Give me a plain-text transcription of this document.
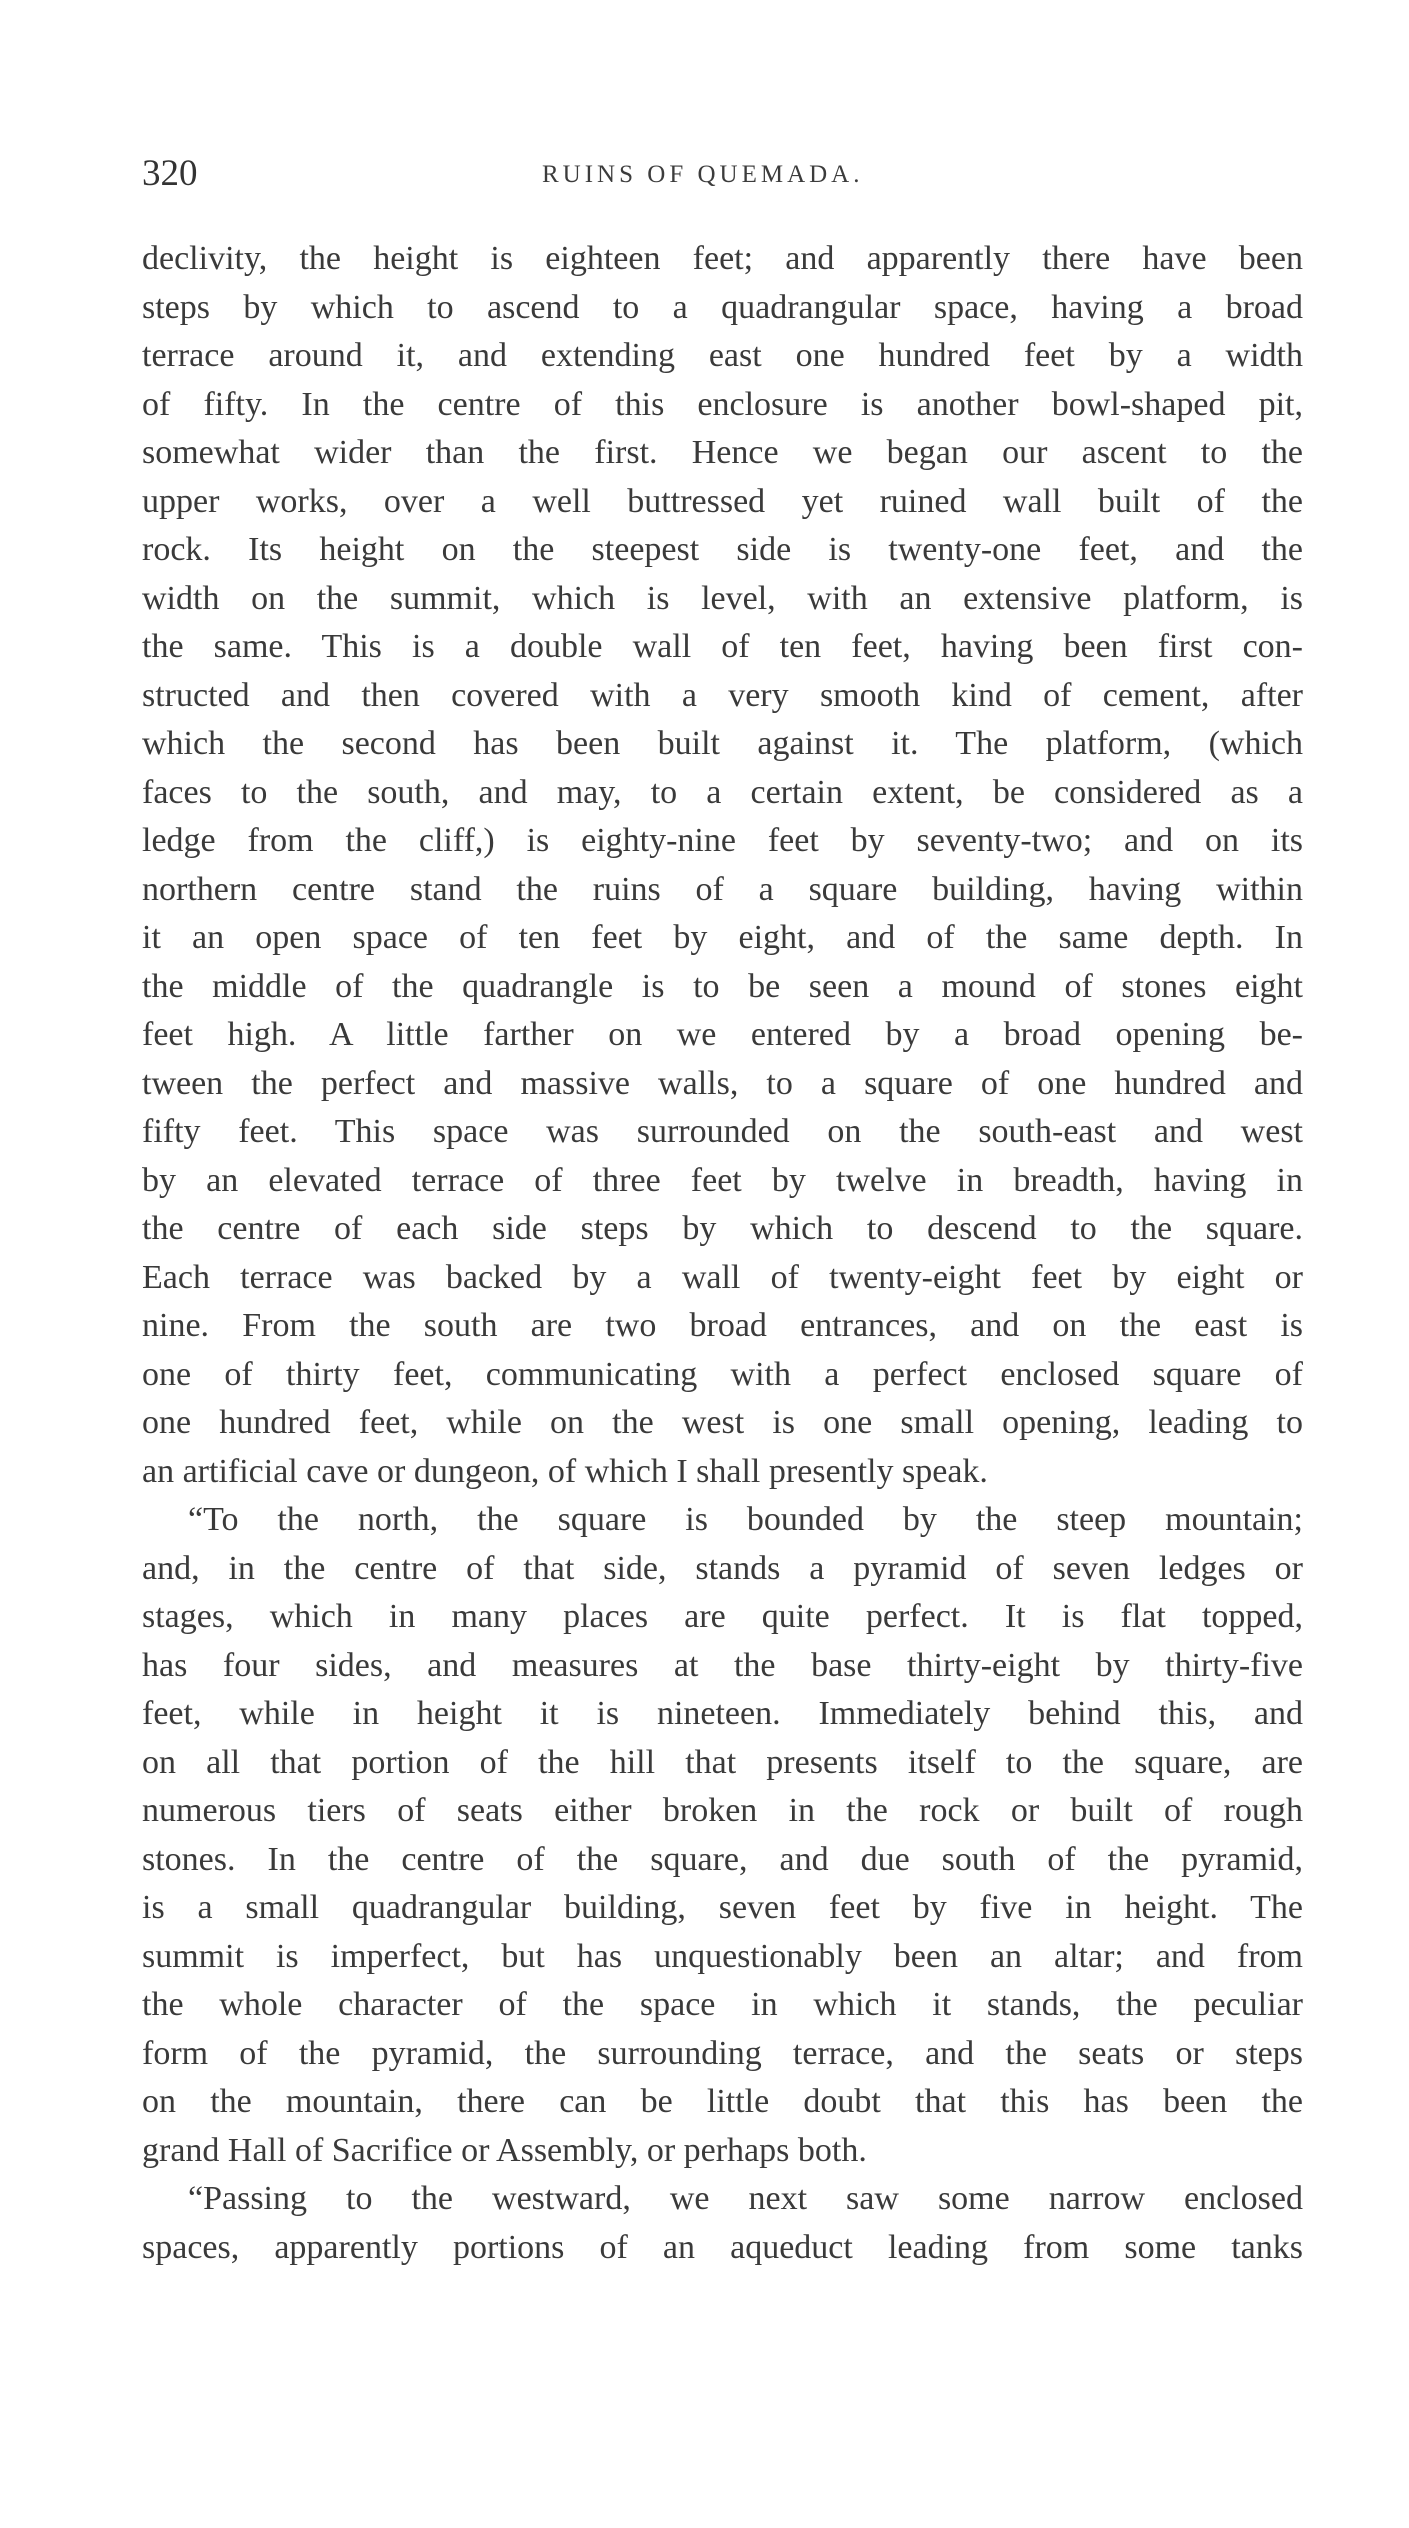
320	RUINS OF QUEMADA.
declivity, the height is eighteen feet; and apparently there have been
steps by which to ascend to a quadrangular space, having a broad
terrace around it, and extending east one hundred feet by a width
of fifty. In the centre of this enclosure is another bowl-shaped pit,
somewhat wider than the first. Hence we began our ascent to the
upper works, over a well buttressed yet ruined wall built of the
rock. Its height on the steepest side is twenty-one feet, and the
width on the summit, which is level, with an extensive platform, is
the same. This is a double wall of ten feet, having been first con-
structed and then covered with a very smooth kind of cement, after
which the second has been built against it. The platform, (which
faces to the south, and may, to a certain extent, be considered as a
ledge from the cliff,) is eighty-nine feet by seventy-two; and on its
northern centre stand the ruins of a square building, having within
it an open space of ten feet by eight, and of the same depth. In
the middle of the quadrangle is to be seen a mound of stones eight
feet high. A little farther on we entered by a broad opening be-
tween the perfect and massive walls, to a square of one hundred and
fifty feet. This space was surrounded on the south-east and west
by an elevated terrace of three feet by twelve in breadth, having in
the centre of each side steps by which to descend to the square.
Each terrace was backed by a wall of twenty-eight feet by eight or
nine. From the south are two broad entrances, and on the east is
one of thirty feet, communicating with a perfect enclosed square of
one hundred feet, while on the west is one small opening, leading to
an artificial cave or dungeon, of which I shall presently speak.
“To the north, the square is bounded by the steep mountain;
and, in the centre of that side, stands a pyramid of seven ledges or
stages, which in many places are quite perfect. It is flat topped,
has four sides, and measures at the base thirty-eight by thirty-five
feet, while in height it is nineteen. Immediately behind this, and
on all that portion of the hill that presents itself to the square, are
numerous tiers of seats either broken in the rock or built of rough
stones. In the centre of the square, and due south of the pyramid,
is a small quadrangular building, seven feet by five in height. The
summit is imperfect, but has unquestionably been an altar; and from
the whole character of the space in which it stands, the peculiar
form of the pyramid, the surrounding terrace, and the seats or steps
on the mountain, there can be little doubt that this has been the
grand Hall of Sacrifice or Assembly, or perhaps both.
“Passing to the westward, we next saw some narrow enclosed
spaces, apparently portions of an aqueduct leading from some tanks
